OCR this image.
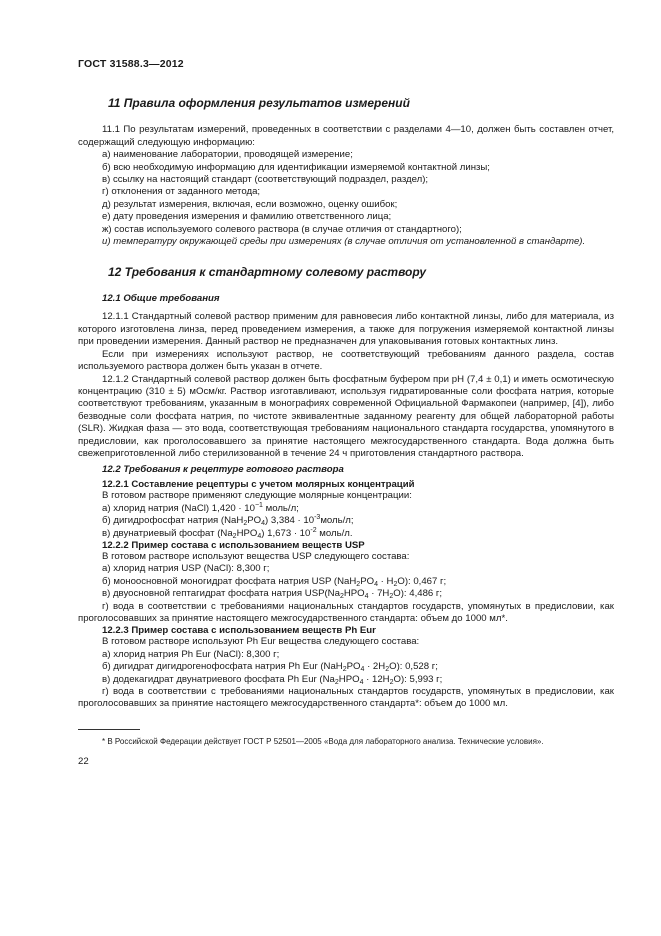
ГОСТ 31588.3—2012

11 Правила оформления результатов измерений

11.1 По результатам измерений, проведенных в соответствии с разделами 4—10, должен быть составлен отчет, содержащий следующую информацию:

а) наименование лаборатории, проводящей измерение;

б) всю необходимую информацию для идентификации измеряемой контактной линзы;

в) ссылку на настоящий стандарт (соответствующий подраздел, раздел);

г) отклонения от заданного метода;

д) результат измерения, включая, если возможно, оценку ошибок;

е) дату проведения измерения и фамилию ответственного лица;

ж) состав используемого солевого раствора (в случае отличия от стандартного);

и) температуру окружающей среды при измерениях (в случае отличия от установленной в стандарте).

12 Требования к стандартному солевому раствору
12.1 Общие требования

12.1.1 Стандартный солевой раствор применим для равновесия либо контактной линзы, либо для материала, из которого изготовлена линза, перед проведением измерения, а также для погружения измеряемой контактной линзы при проведении измерения. Данный раствор не предназначен для упаковывания готовых контактных линз.

Если при измерениях используют раствор, не соответствующий требованиям данного раздела, состав используемого раствора должен быть указан в отчете.

12.1.2 Стандартный солевой раствор должен быть фосфатным буфером при pH (7,4 ± 0,1) и иметь осмотическую концентрацию (310 ± 5) мОсм/кг. Раствор изготавливают, используя гидратированные соли фосфата натрия, которые соответствуют требованиям, указанным в монографиях современной Официальной Фармакопеи (например, [4]), либо безводные соли фосфата натрия, по чистоте эквивалентные заданному реагенту для общей лабораторной работы (SLR). Жидкая фаза — это вода, соответствующая требованиям национального стандарта государства, упомянутого в предисловии, как проголосовавшего за принятие настоящего межгосударственного стандарта. Вода должна быть свежеприготовленной либо стерилизованной в течение 24 ч приготовления стандартного раствора.

12.2 Требования к рецептуре готового раствора
12.2.1 Составление рецептуры с учетом молярных концентраций

В готовом растворе применяют следующие молярные концентрации:

а) хлорид натрия (NaCl) $1,420 \cdot 10^{-1}$ моль/л;

б) дигидрофосфат натрия $(NaH_2PO_4) 3,384$ · $10^{-3}моль/л$;

в) двунатриевый фосфат $(Na_2HPO_4) 1,673 \cdot 10^{-2}$ моль/л.

12.2.2 Пример состава с использованием веществ USP

В готовом растворе используют вещества USP следующего состава:

а) хлорид натрия USP (NaCl): 8,300 г;

б) моноосновной моногидрат фосфата натрия USP $(NaH_2PO_4 \cdot H_2O)$: 0,467 г;

в) двуосновной гептагидрат фосфата натрия $USP(Na_2HPO_4 \cdot 7H_2O)$: 4,486 г;

г) вода в соответствии с требованиями национальных стандартов государств, упомянутых в предисловии, как проголосовавших за принятие настоящего межгосударственного стандарта: объем до 1000 мл*.

12.2.3 Пример состава с использованием веществ Ph Eur

В готовом растворе используют Ph Eur вещества следующего состава:

а) хлорид натрия Ph Eur (NaCl): 8,300 г;

б) дигидрат дигидрогенофосфата натрия Ph Eur $(NaH_2PO_4 \cdot 2H_2O)$: 0,528 г;

в) додекагидрат двунатриевого фосфата Ph Eur $(Na_2HPO_4 \cdot 12H_2O)$: 5,993 г;

г) вода в соответствии с требованиями национальных стандартов государств, упомянутых в предисловии, как проголосовавших за принятие настоящего межгосударственного стандарта*: объем до 1000 мл.

* В Российской Федерации действует ГОСТ Р 52501—2005 «Вода для лабораторного анализа. Технические условия».

22
